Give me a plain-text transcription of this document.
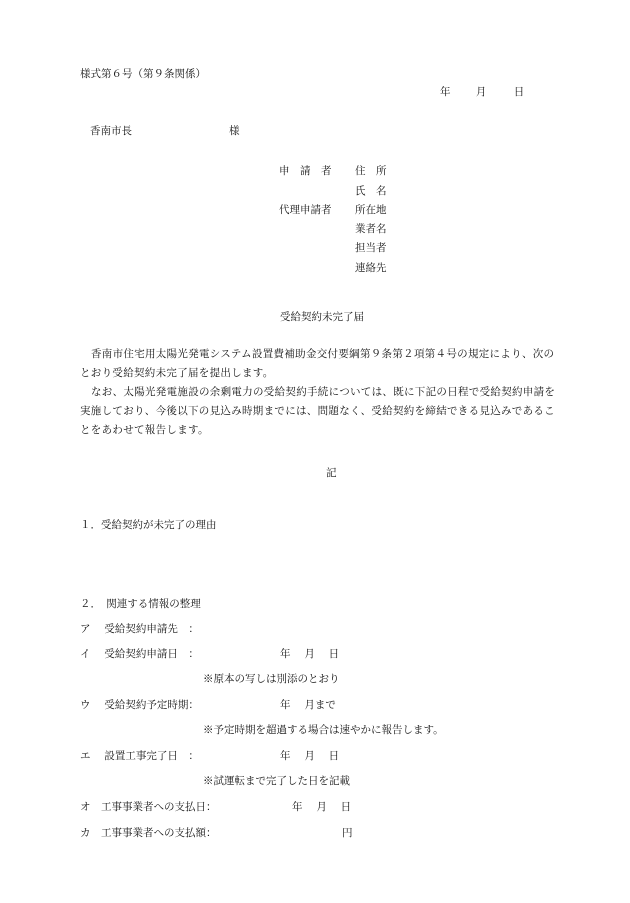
様式第６号（第９条関係）
年 月	日
香南市長	様
申　請　者 住　所
氏　名
代理申請者 所在地
業者名
担当者
連絡先
受給契約未完了届

香南市住宅用太陽光発電システム設置費補助金交付要綱第９条第２項第４号の規定により、次のとおり受給契約未完了届を提出します。

なお、太陽光発電施設の余剰電力の受給契約手続については、既に下記の日程で受給契約申請を実施しており、今後以下の見込み時期までには、問題なく、受給契約を締結できる見込みであることをあわせて報告します。

記
１．受給契約が未完了の理由
２．　関連する情報の整理
ア　 受給契約申請先　：
イ　 受給契約申請日　：	年　 月　 日
※原本の写しは別添のとおり
ウ　 受給契約予定時期：	年　 月まで
※予定時期を超過する場合は速やかに報告します。
エ　 設置工事完了日　：	年　 月　 日
※試運転まで完了した日を記載
オ　工事事業者への支払日：	年　 月　 日
カ　工事事業者への支払額：	円
